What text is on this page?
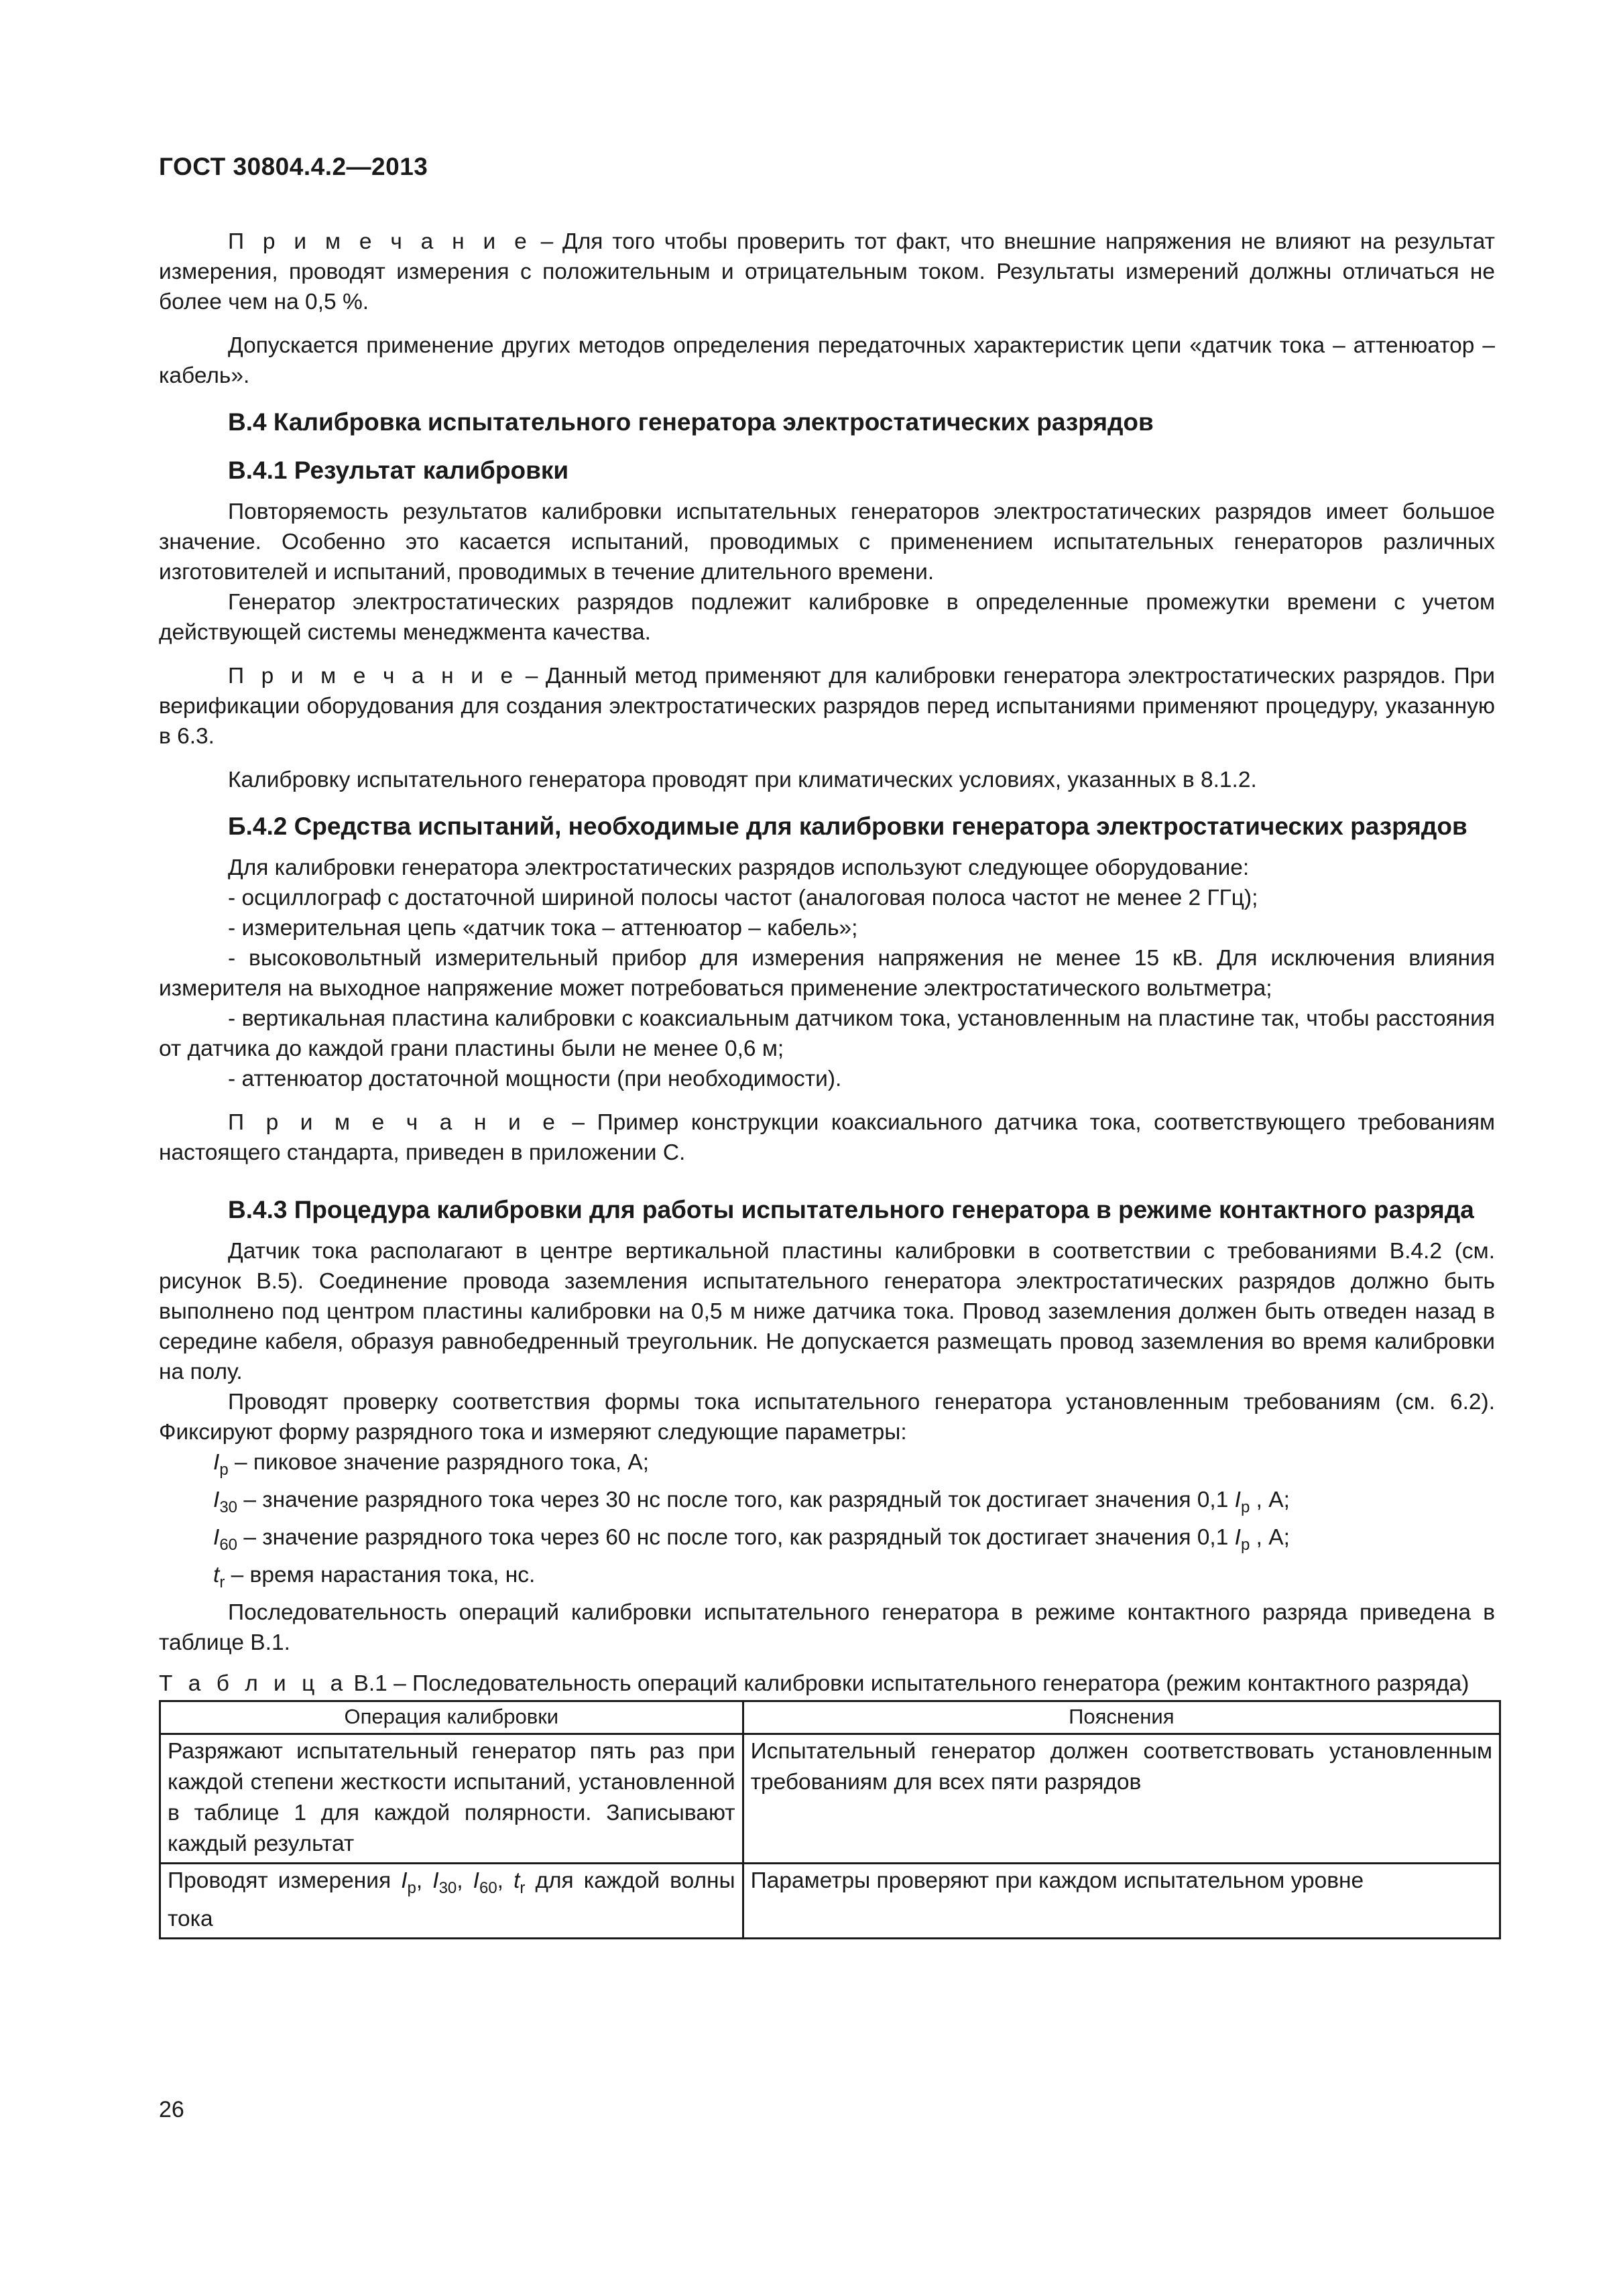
ГОСТ 30804.4.2—2013

П р и м е ч а н и е – Для того чтобы проверить тот факт, что внешние напряжения не влияют на результат измерения, проводят измерения с положительным и отрицательным током. Результаты измерений должны отличаться не более чем на 0,5 %.

Допускается применение других методов определения передаточных характеристик цепи «датчик тока – аттенюатор – кабель».

В.4 Калибровка испытательного генератора электростатических разрядов
В.4.1 Результат калибровки

Повторяемость результатов калибровки испытательных генераторов электростатических разрядов имеет большое значение. Особенно это касается испытаний, проводимых с применением испытательных генераторов различных изготовителей и испытаний, проводимых в течение длительного времени.

Генератор электростатических разрядов подлежит калибровке в определенные промежутки времени с учетом действующей системы менеджмента качества.

П р и м е ч а н и е – Данный метод применяют для калибровки генератора электростатических разрядов. При верификации оборудования для создания электростатических разрядов перед испытаниями применяют процедуру, указанную в 6.3.

Калибровку испытательного генератора проводят при климатических условиях, указанных в 8.1.2.

Б.4.2 Средства испытаний, необходимые для калибровки генератора электростатических разрядов

Для калибровки генератора электростатических разрядов используют следующее оборудование:

- осциллограф с достаточной шириной полосы частот (аналоговая полоса частот не менее 2 ГГц);

- измерительная цепь «датчик тока – аттенюатор – кабель»;

- высоковольтный измерительный прибор для измерения напряжения не менее 15 кВ. Для исключения влияния измерителя на выходное напряжение может потребоваться применение электростатического вольтметра;

- вертикальная пластина калибровки с коаксиальным датчиком тока, установленным на пластине так, чтобы расстояния от датчика до каждой грани пластины были не менее 0,6 м;

- аттенюатор достаточной мощности (при необходимости).

П р и м е ч а н и е – Пример конструкции коаксиального датчика тока, соответствующего требованиям настоящего стандарта, приведен в приложении С.

В.4.3 Процедура калибровки для работы испытательного генератора в режиме контактного разряда

Датчик тока располагают в центре вертикальной пластины калибровки в соответствии с требованиями В.4.2 (см. рисунок В.5). Соединение провода заземления испытательного генератора электростатических разрядов должно быть выполнено под центром пластины калибровки на 0,5 м ниже датчика тока. Провод заземления должен быть отведен назад в середине кабеля, образуя равнобедренный треугольник. Не допускается размещать провод заземления во время калибровки на полу.

Проводят проверку соответствия формы тока испытательного генератора установленным требованиям (см. 6.2). Фиксируют форму разрядного тока и измеряют следующие параметры:

$I_p$ – пиковое значение разрядного тока, А;

$I_{30}$ – значение разрядного тока через 30 нс после того, как разрядный ток достигает значения 0,1 $I_p$ , А;

$I_{60}$ – значение разрядного тока через 60 нс после того, как разрядный ток достигает значения 0,1 $I_p$ , А;

$t_r$ – время нарастания тока, нс.

Последовательность операций калибровки испытательного генератора в режиме контактного разряда приведена в таблице В.1.

Т а б л и ц а В.1 – Последовательность операций калибровки испытательного генератора (режим контактного разряда)

Операция калибровки	Пояснения
Разряжают испытательный генератор пять раз при каждой степени жесткости испытаний, установленной в таблице 1 для каждой полярности. Записывают каждый результат	Испытательный генератор должен соответствовать установленным требованиям для всех пяти разрядов
Проводят измерения $I_p$, $I_{30}$, $I_{60}$, $t_r$ для каждой волны тока	Параметры проверяют при каждом испытательном уровне
26
